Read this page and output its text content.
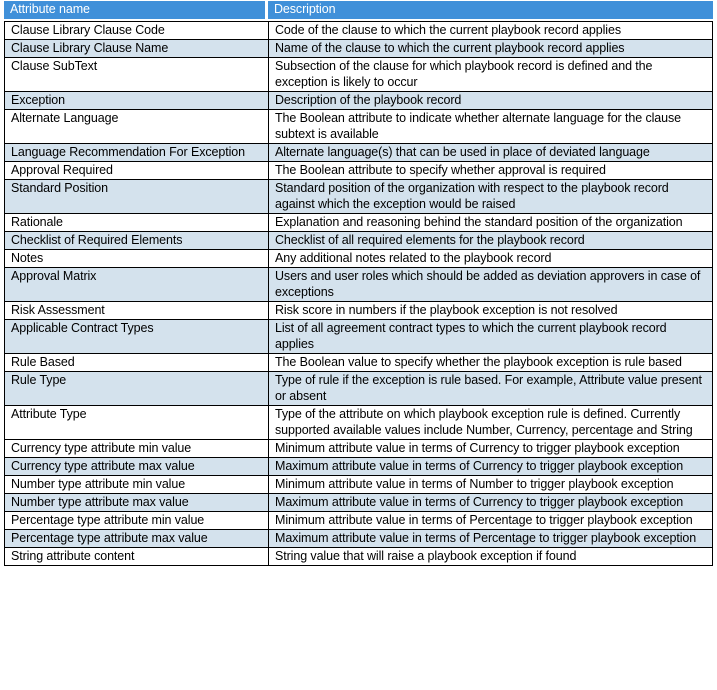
Attribute name	Description
Clause Library Clause Code	Code of the clause to which the current playbook record applies
Clause Library Clause Name	Name of the clause to which the current playbook record applies
Clause SubText	Subsection of the clause for which playbook record is defined and the exception is likely to occur
Exception	Description of the playbook record
Alternate Language	The Boolean attribute to indicate whether alternate language for the clause subtext is available
Language Recommendation For Exception	Alternate language(s) that can be used in place of deviated language
Approval Required	The Boolean attribute to specify whether approval is required
Standard Position	Standard position of the organization with respect to the playbook record against which the exception would be raised
Rationale	Explanation and reasoning behind the standard position of the organization
Checklist of Required Elements	Checklist of all required elements for the playbook record
Notes	Any additional notes related to the playbook record
Approval Matrix	Users and user roles which should be added as deviation approvers in case of exceptions
Risk Assessment	Risk score in numbers if the playbook exception is not resolved
Applicable Contract Types	List of all agreement contract types to which the current playbook record applies
Rule Based	The Boolean value to specify whether the playbook exception is rule based
Rule Type	Type of rule if the exception is rule based. For example, Attribute value present or absent
Attribute Type	Type of the attribute on which playbook exception rule is defined. Currently supported available values include Number, Currency, percentage and String
Currency type attribute min value	Minimum attribute value in terms of Currency to trigger playbook exception
Currency type attribute max value	Maximum attribute value in terms of Currency to trigger playbook exception
Number type attribute min value	Minimum attribute value in terms of Number to trigger playbook exception
Number type attribute max value	Maximum attribute value in terms of Currency to trigger playbook exception
Percentage type attribute min value	Minimum attribute value in terms of Percentage to trigger playbook exception
Percentage type attribute max value	Maximum attribute value in terms of Percentage to trigger playbook exception
String attribute content	String value that will raise a playbook exception if found
